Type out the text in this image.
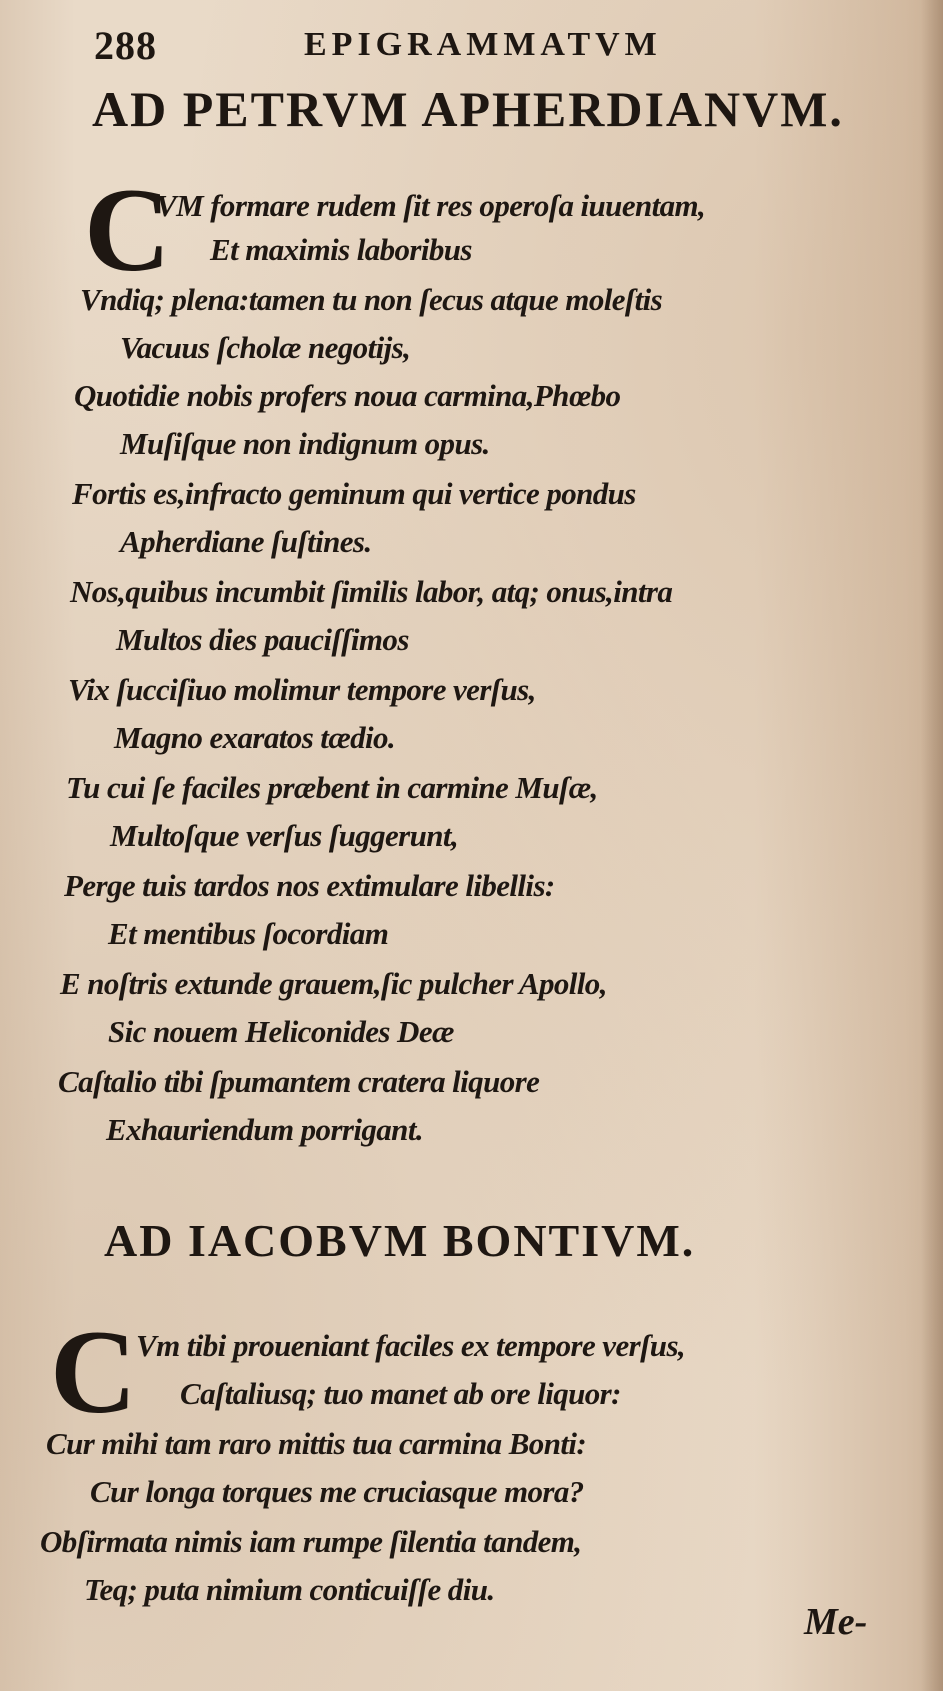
288	EPIGRAMMATVM
AD PETRVM APHERDIANVM.
C
VM formare rudem ſit res operoſa iuuentam,
Et maximis laboribus
Vndiq; plena:tamen tu non ſecus atque moleſtis
Vacuus ſcholæ negotijs,
Quotidie nobis profers noua carmina,Phœbo
Muſiſque non indignum opus.
Fortis es,infracto geminum qui vertice pondus
Apherdiane ſuſtines.
Nos,quibus incumbit ſimilis labor, atq; onus,intra
Multos dies pauciſſimos
Vix ſucciſiuo molimur tempore verſus,
Magno exaratos tædio.
Tu cui ſe faciles præbent in carmine Muſæ,
Multoſque verſus ſuggerunt,
Perge tuis tardos nos extimulare libellis:
Et mentibus ſocordiam
E noſtris extunde grauem,ſic pulcher Apollo,
Sic nouem Heliconides Deæ
Caſtalio tibi ſpumantem cratera liquore
Exhauriendum porrigant.
AD IACOBVM BONTIVM.
C Vm tibi proueniant faciles ex tempore verſus,
Caſtaliusq; tuo manet ab ore liquor:
Cur mihi tam raro mittis tua carmina Bonti:
Cur longa torques me cruciasque mora?
Obſirmata nimis iam rumpe ſilentia tandem,
Teq; puta nimium conticuiſſe diu.
Me-
